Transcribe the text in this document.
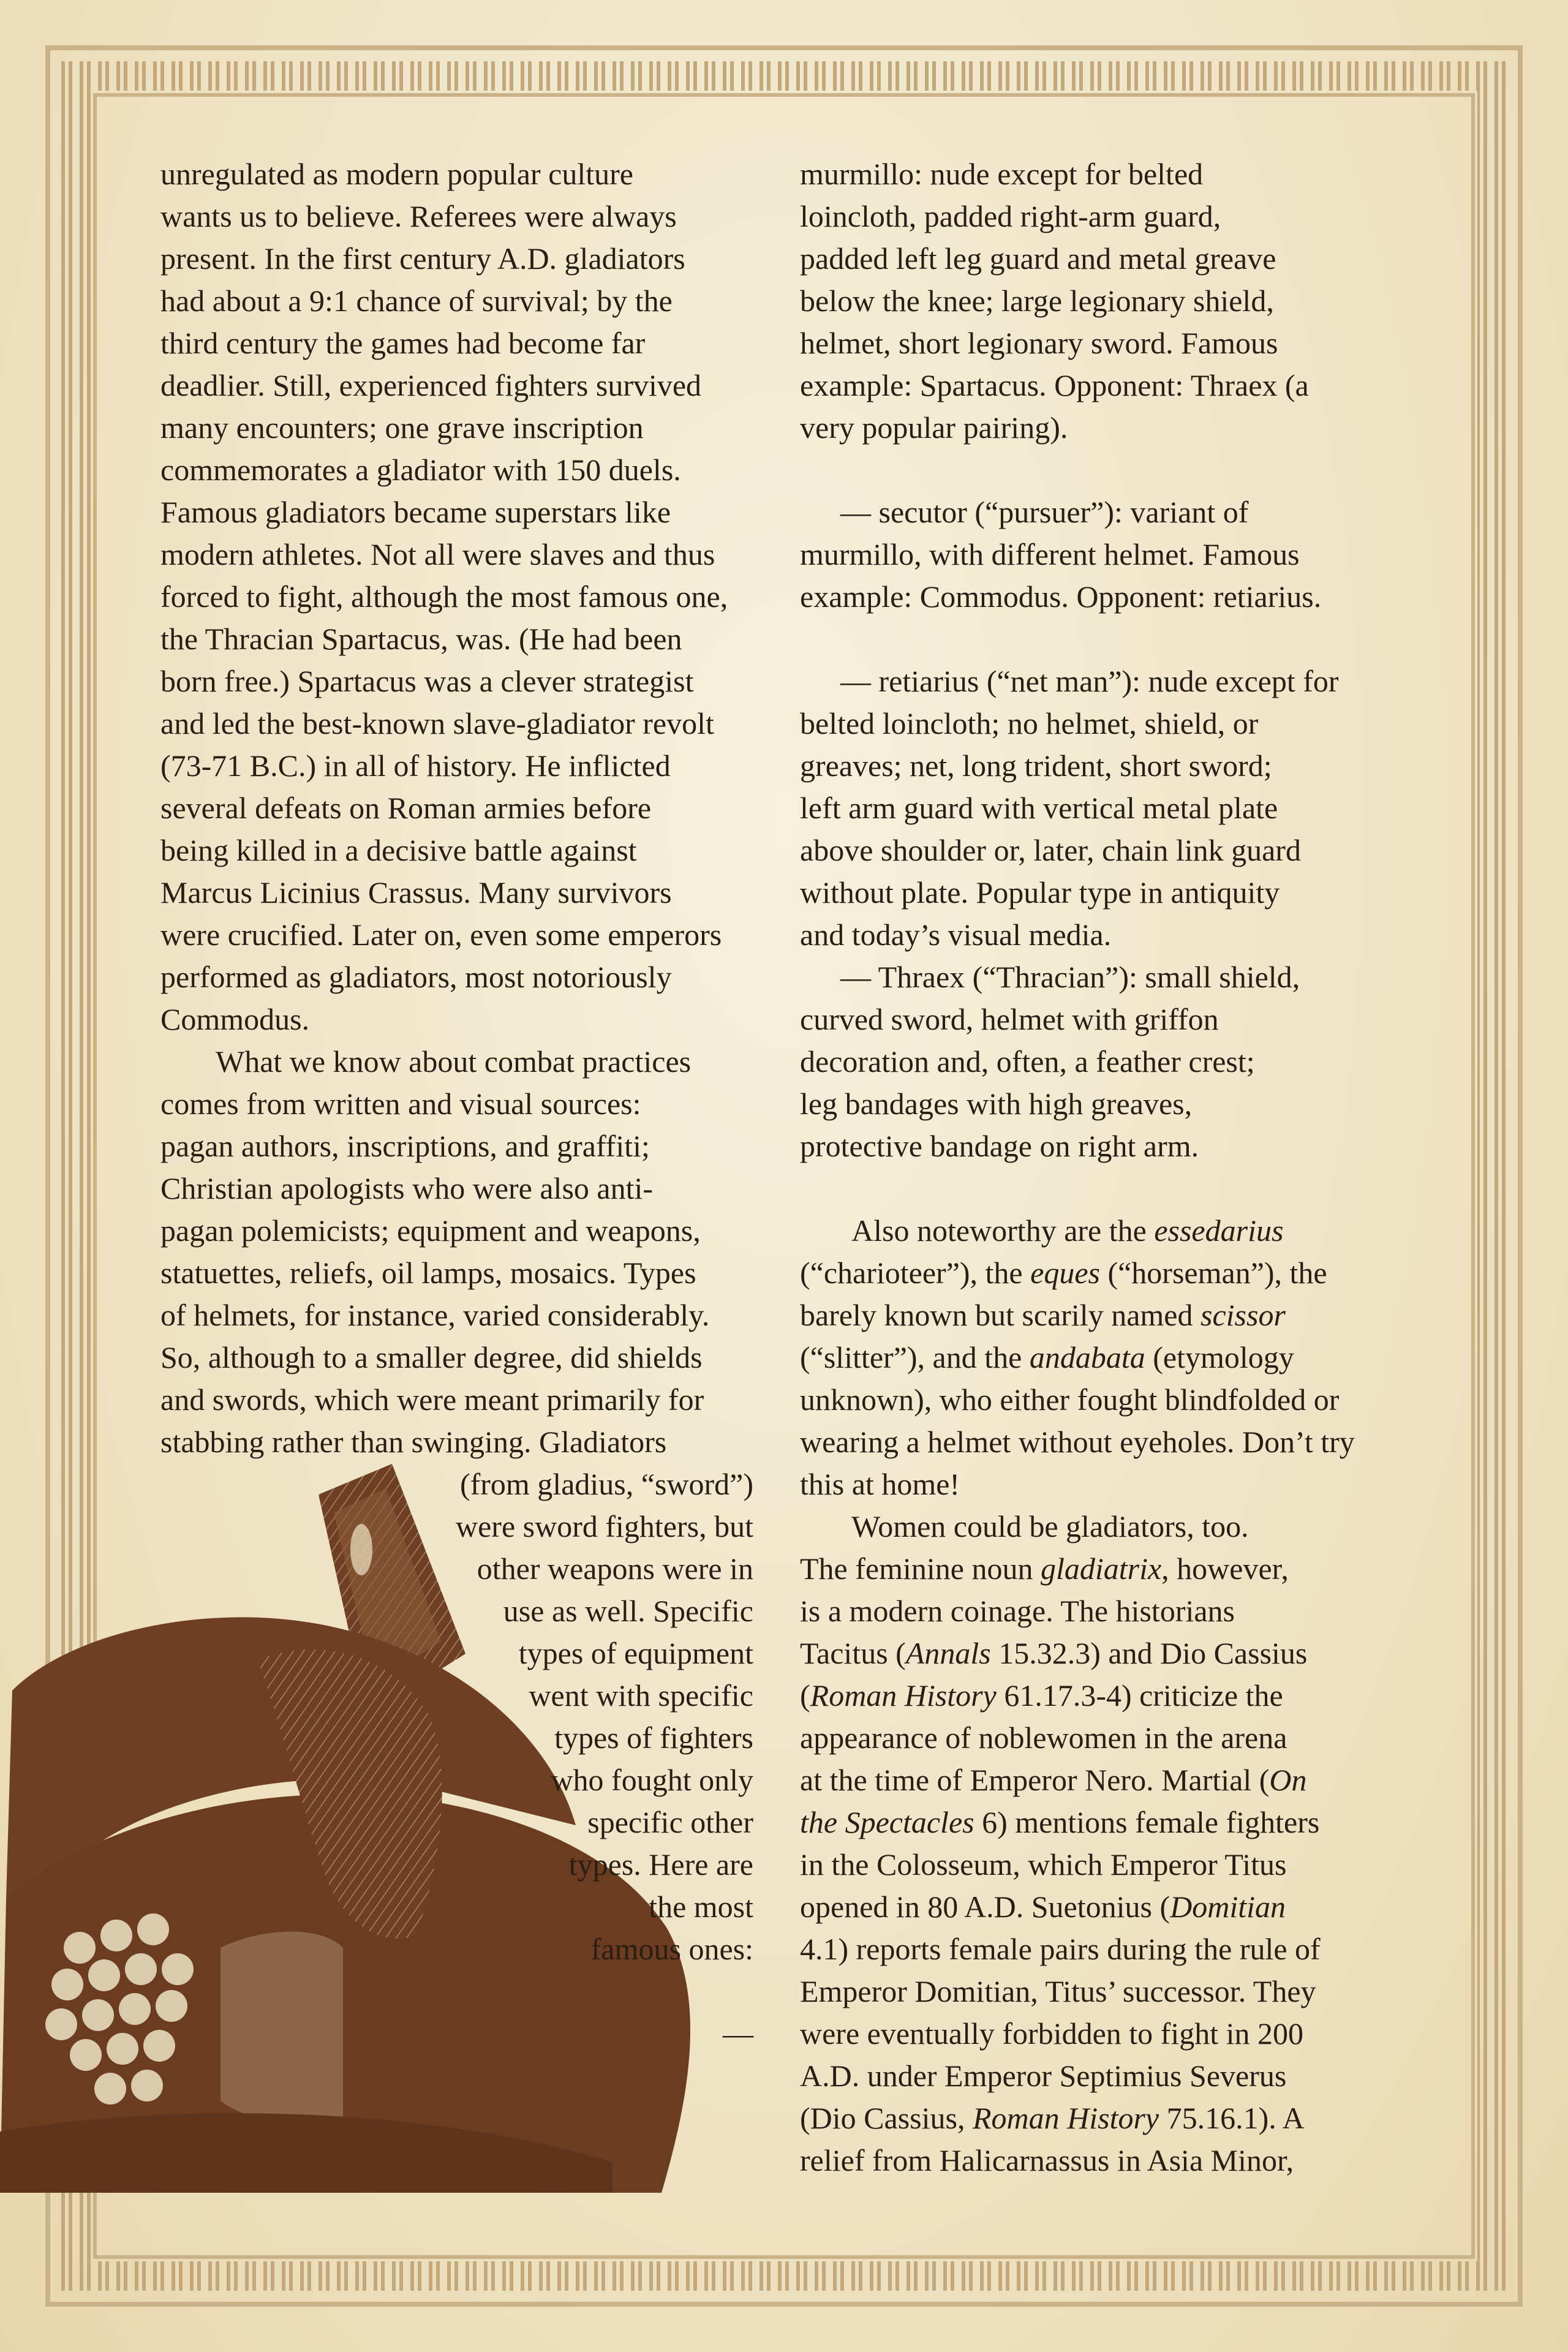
unregulated as modern popular culture
wants us to believe. Referees were always
present. In the first century A.D. gladiators
had about a 9:1 chance of survival; by the
third century the games had become far
deadlier. Still, experienced fighters survived
many encounters; one grave inscription
commemorates a gladiator with 150 duels.
Famous gladiators became superstars like
modern athletes. Not all were slaves and thus
forced to fight, although the most famous one,
the Thracian Spartacus, was. (He had been
born free.) Spartacus was a clever strategist
and led the best-known slave-gladiator revolt
(73-71 B.C.) in all of history. He inflicted
several defeats on Roman armies before
being killed in a decisive battle against
Marcus Licinius Crassus. Many survivors
were crucified. Later on, even some emperors
performed as gladiators, most notoriously
Commodus.
What we know about combat practices
comes from written and visual sources:
pagan authors, inscriptions, and graffiti;
Christian apologists who were also anti-
pagan polemicists; equipment and weapons,
statuettes, reliefs, oil lamps, mosaics. Types
of helmets, for instance, varied considerably.
So, although to a smaller degree, did shields
and swords, which were meant primarily for
stabbing rather than swinging. Gladiators
(from gladius, “sword”)
were sword fighters, but
other weapons were in
use as well. Specific
types of equipment
went with specific
types of fighters
who fought only
specific other
types. Here are
the most
famous ones:

—
murmillo: nude except for belted
loincloth, padded right-arm guard,
padded left leg guard and metal greave
below the knee; large legionary shield,
helmet, short legionary sword. Famous
example: Spartacus. Opponent: Thraex (a
very popular pairing).
— secutor (“pursuer”): variant of
murmillo, with different helmet. Famous
example: Commodus. Opponent: retiarius.
— retiarius (“net man”): nude except for
belted loincloth; no helmet, shield, or
greaves; net, long trident, short sword;
left arm guard with vertical metal plate
above shoulder or, later, chain link guard
without plate. Popular type in antiquity
and today’s visual media.
— Thraex (“Thracian”): small shield,
curved sword, helmet with griffon
decoration and, often, a feather crest;
leg bandages with high greaves,
protective bandage on right arm.
Also noteworthy are the essedarius
(“charioteer”), the eques (“horseman”), the
barely known but scarily named scissor
(“slitter”), and the andabata (etymology
unknown), who either fought blindfolded or
wearing a helmet without eyeholes. Don’t try
this at home!
Women could be gladiators, too.
The feminine noun gladiatrix, however,
is a modern coinage. The historians
Tacitus (Annals 15.32.3) and Dio Cassius
(Roman History 61.17.3-4) criticize the
appearance of noblewomen in the arena
at the time of Emperor Nero. Martial (On
the Spectacles 6) mentions female fighters
in the Colosseum, which Emperor Titus
opened in 80 A.D. Suetonius (Domitian
4.1) reports female pairs during the rule of
Emperor Domitian, Titus’ successor. They
were eventually forbidden to fight in 200
A.D. under Emperor Septimius Severus
(Dio Cassius, Roman History 75.16.1). A
relief from Halicarnassus in Asia Minor,
